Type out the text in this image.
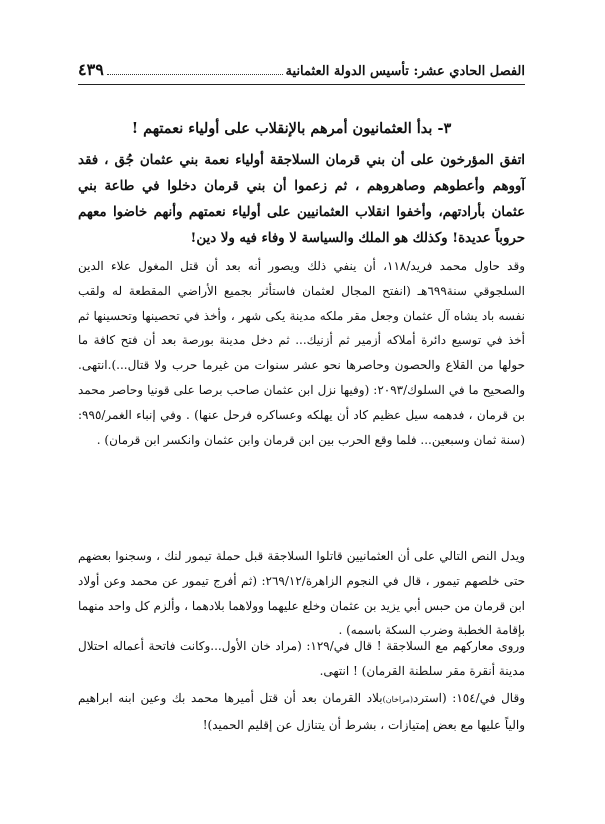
الفصل الحادي عشر: تأسيس الدولة العثمانية
٤٣٩
٣- بدأ العثمانيون أمرهم بالإنقلاب على أولياء نعمتهم !

اتفق المؤرخون على أن بني قرمان السلاجقة أولياء نعمة بني عثمان جُق ، فقد آووهم وأعطوهم وصاهروهم ، ثم زعموا أن بني قرمان دخلوا في طاعة بني عثمان بأرادتهم، وأخفوا انقلاب العثمانيين على أولياء نعمتهم وأنهم خاضوا معهم حروباً عديدة! وكذلك هو الملك والسياسة لا وفاء فيه ولا دين!

وقد حاول محمد فريد/١١٨، أن ينفي ذلك ويصور أنه بعد أن قتل المغول علاء الدين السلجوقي سنة٦٩٩هـ (انفتح المجال لعثمان فاستأثر بجميع الأراضي المقطعة له ولقب نفسه باد يشاه آل عثمان وجعل مقر ملكه مدينة يكى شهر ، وأخذ في تحصينها وتحسينها ثم أخذ في توسيع دائرة أملاكه أزمير ثم أزنيك... ثم دخل مدينة بورصة بعد أن فتح كافة ما حولها من القلاع والحصون وحاصرها نحو عشر سنوات من غيرما حرب ولا قتال...).انتهى. والصحيح ما في السلوك/٢٠٩٣: (وفيها نزل ابن عثمان صاحب برصا على قونيا وحاصر محمد بن قرمان ، فدهمه سيل عظيم كاد أن يهلكه وعساكره فرحل عنها) . وفي إنباء الغمر/٩٩٥: (سنة ثمان وسبعين... فلما وقع الحرب بين ابن قرمان وابن عثمان وانكسر ابن قرمان) .

ويدل النص التالي على أن العثمانيين قاتلوا السلاجقة قبل حملة تيمور لنك ، وسجنوا بعضهم حتى خلصهم تيمور ، قال في النجوم الزاهرة/٢٦٩/١٢: (ثم أفرج تيمور عن محمد وعن أولاد ابن قرمان من حبس أبي يزيد بن عثمان وخلع عليهما وولاهما بلادهما ، وألزم كل واحد منهما بإقامة الخطبة وضرب السكة باسمه) .

وروى معاركهم مع السلاجقة ! قال في/١٢٩: (مراد خان الأول...وكانت فاتحة أعماله احتلال مدينة أنقرة مقر سلطنة القرمان) ! انتهى.

وقال في/١٥٤: (استرد(مراخان)بلاد القرمان بعد أن قتل أميرها محمد بك وعين ابنه ابراهيم والياً عليها مع بعض إمتيازات ، بشرط أن يتنازل عن إقليم الحميد)!
